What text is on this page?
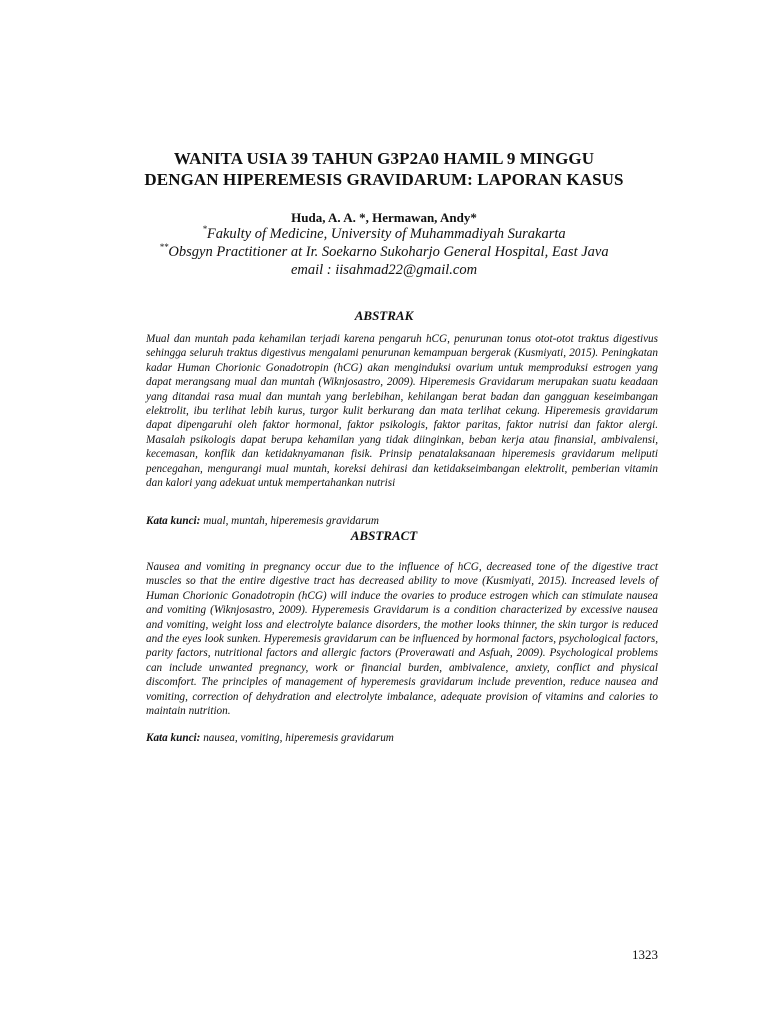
WANITA USIA 39 TAHUN G3P2A0 HAMIL 9 MINGGU
DENGAN HIPEREMESIS GRAVIDARUM: LAPORAN KASUS
Huda, A. A. *, Hermawan, Andy*
*Fakulty of Medicine, University of Muhammadiyah Surakarta
**Obsgyn Practitioner at Ir. Soekarno Sukoharjo General Hospital, East Java
email : iisahmad22@gmail.com
ABSTRAK
Mual dan muntah pada kehamilan terjadi karena pengaruh hCG, penurunan tonus otot-otot traktus digestivus sehingga seluruh traktus digestivus mengalami penurunan kemampuan bergerak (Kusmiyati, 2015). Peningkatan kadar Human Chorionic Gonadotropin (hCG) akan menginduksi ovarium untuk memproduksi estrogen yang dapat merangsang mual dan muntah (Wiknjosastro, 2009). Hiperemesis Gravidarum merupakan suatu keadaan yang ditandai rasa mual dan muntah yang berlebihan, kehilangan berat badan dan gangguan keseimbangan elektrolit, ibu terlihat lebih kurus, turgor kulit berkurang dan mata terlihat cekung. Hiperemesis gravidarum dapat dipengaruhi oleh faktor hormonal, faktor psikologis, faktor paritas, faktor nutrisi dan faktor alergi. Masalah psikologis dapat berupa kehamilan yang tidak diinginkan, beban kerja atau finansial, ambivalensi, kecemasan, konflik dan ketidaknyamanan fisik. Prinsip penatalaksanaan hiperemesis gravidarum meliputi pencegahan, mengurangi mual muntah, koreksi dehirasi dan ketidakseimbangan elektrolit, pemberian vitamin dan kalori yang adekuat untuk mempertahankan nutrisi
Kata kunci: mual, muntah, hiperemesis gravidarum
ABSTRACT
Nausea and vomiting in pregnancy occur due to the influence of hCG, decreased tone of the digestive tract muscles so that the entire digestive tract has decreased ability to move (Kusmiyati, 2015). Increased levels of Human Chorionic Gonadotropin (hCG) will induce the ovaries to produce estrogen which can stimulate nausea and vomiting (Wiknjosastro, 2009). Hyperemesis Gravidarum is a condition characterized by excessive nausea and vomiting, weight loss and electrolyte balance disorders, the mother looks thinner, the skin turgor is reduced and the eyes look sunken. Hyperemesis gravidarum can be influenced by hormonal factors, psychological factors, parity factors, nutritional factors and allergic factors (Proverawati and Asfuah, 2009). Psychological problems can include unwanted pregnancy, work or financial burden, ambivalence, anxiety, conflict and physical discomfort. The principles of management of hyperemesis gravidarum include prevention, reduce nausea and vomiting, correction of dehydration and electrolyte imbalance, adequate provision of vitamins and calories to maintain nutrition.
Kata kunci: nausea, vomiting, hiperemesis gravidarum
1323
